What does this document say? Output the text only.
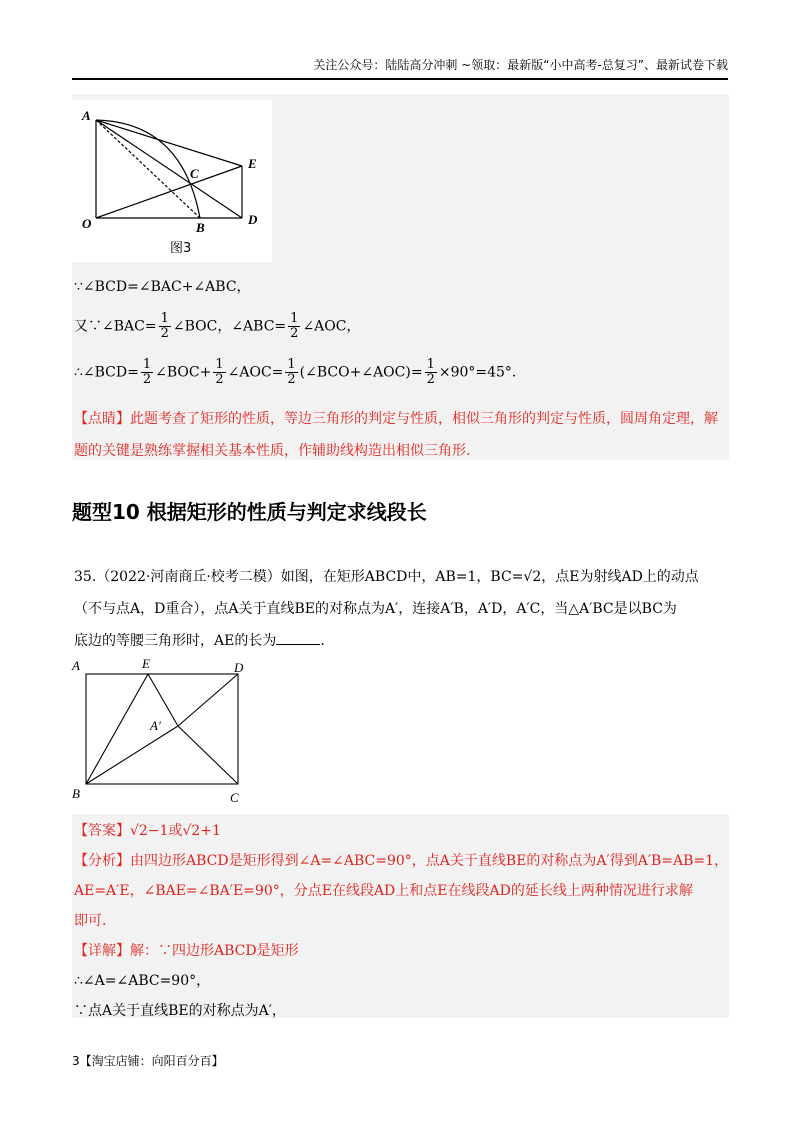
关注公众号：陆陆高分冲刺 ~领取：最新版“小中高考-总复习”、最新试卷下载
A
C
E
O	B
D
图3
∵∠BCD=∠BAC+∠ABC，
又∵∠BAC= $\frac{1}{2}$ ∠BOC，∠ABC= $\frac{1}{2}$ ∠AOC，
∴∠BCD= $\frac{1}{2}$ ∠BOC+ $\frac{1}{2}$ ∠AOC= $\frac{1}{2}$ (∠BCO+∠AOC)= $\frac{1}{2} \times 90^\circ=45^\circ$.
【点睛】此题考查了矩形的性质，等边三角形的判定与性质，相似三角形的判定与性质，圆周角定理，解
题的关键是熟练掌握相关基本性质，作辅助线构造出相似三角形.
题型10 根据矩形的性质与判定求线段长
35.（2022·河南商丘·校考二模）如图，在矩形ABCD中，AB=1，BC=√2，点E为射线AD上的动点
（不与点A，D重合），点A关于直线BE的对称点为A′，连接A′B，A′D，A′C，当△A′BC是以BC为
底边的等腰三角形时，AE的长为	.
A	E	D
A′
B	C
【答案】√2−1或√2+1
【分析】由四边形ABCD是矩形得到∠A=∠ABC=90°，点A关于直线BE的对称点为A′得到A′B=AB=1，
AE=A′E，∠BAE=∠BA′E=90°，分点E在线段AD上和点E在线段AD的延长线上两种情况进行求解
即可.
【详解】解：∵四边形ABCD是矩形
∴∠A=∠ABC=90°，
∵点A关于直线BE的对称点为A′，
3【淘宝店铺：向阳百分百】
